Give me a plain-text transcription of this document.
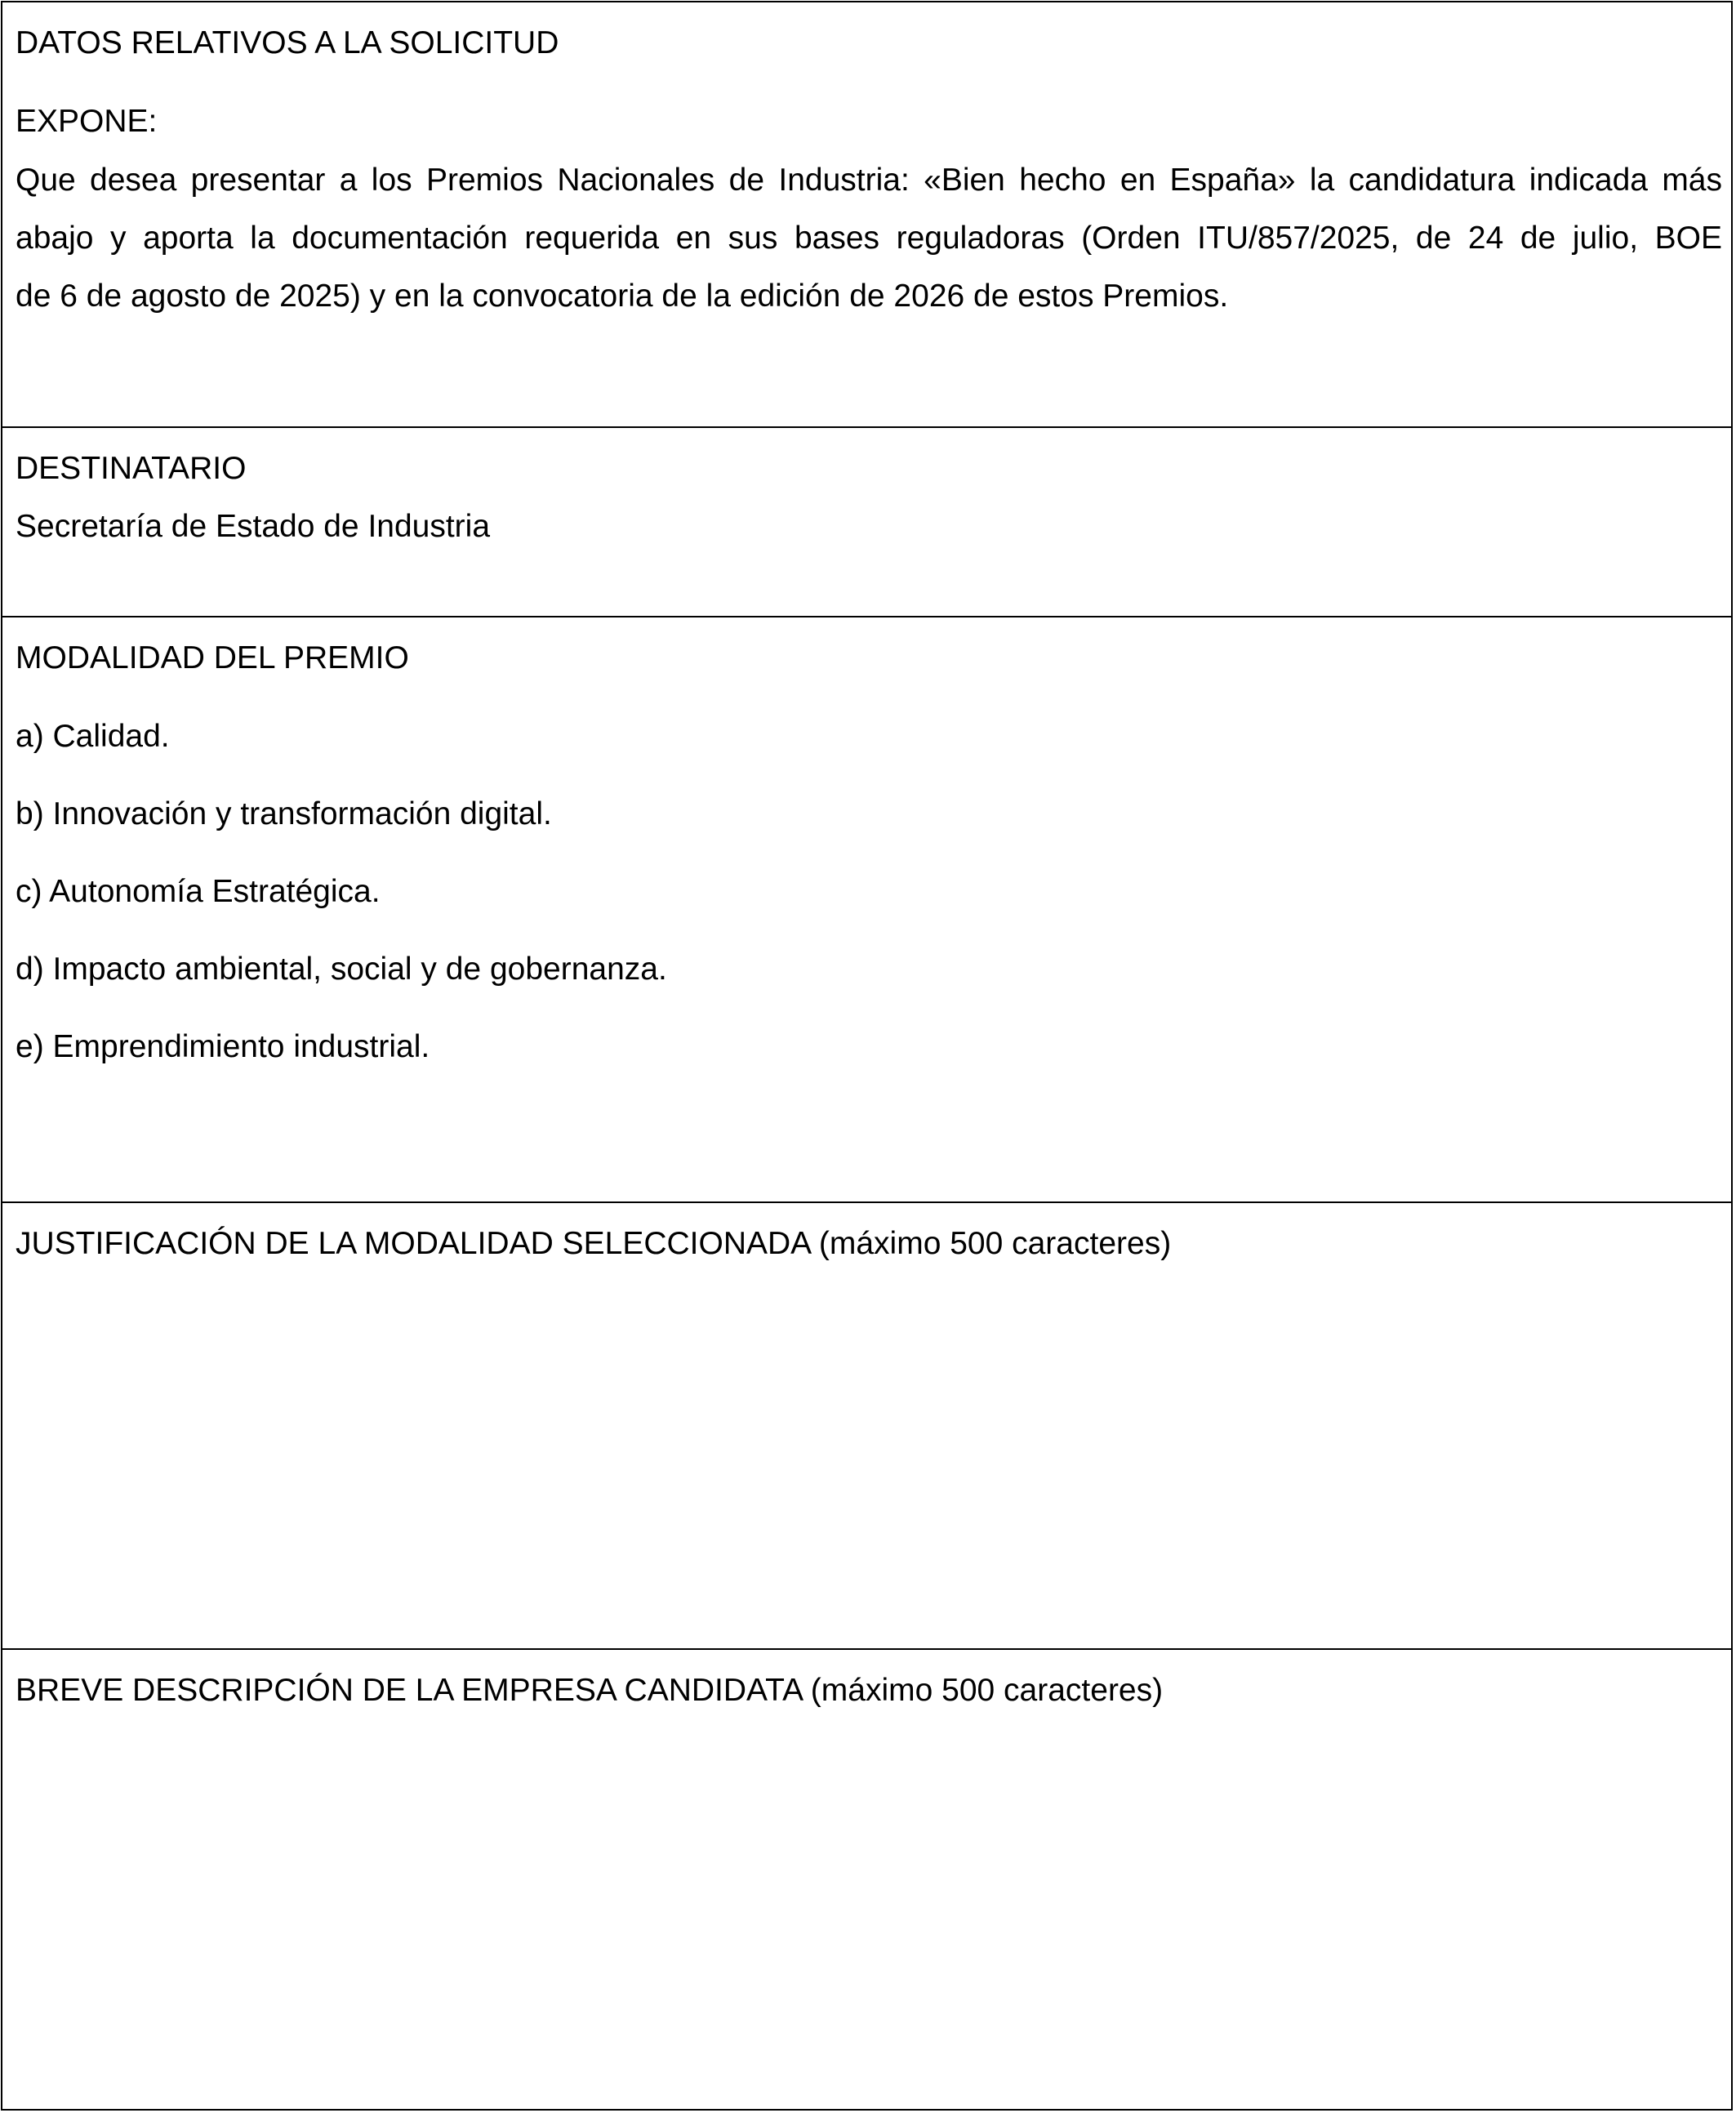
DATOS RELATIVOS A LA SOLICITUD
EXPONE:
Que desea presentar a los Premios Nacionales de Industria: «Bien hecho en España» la candidatura indicada más
abajo y aporta la documentación requerida en sus bases reguladoras (Orden ITU/857/2025, de 24 de julio, BOE
de 6 de agosto de 2025) y en la convocatoria de la edición de 2026 de estos Premios.
DESTINATARIO
Secretaría de Estado de Industria
MODALIDAD DEL PREMIO
a) Calidad.
b) Innovación y transformación digital.
c) Autonomía Estratégica.
d) Impacto ambiental, social y de gobernanza.
e) Emprendimiento industrial.
JUSTIFICACIÓN DE LA MODALIDAD SELECCIONADA (máximo 500 caracteres)
BREVE DESCRIPCIÓN DE LA EMPRESA CANDIDATA (máximo 500 caracteres)
